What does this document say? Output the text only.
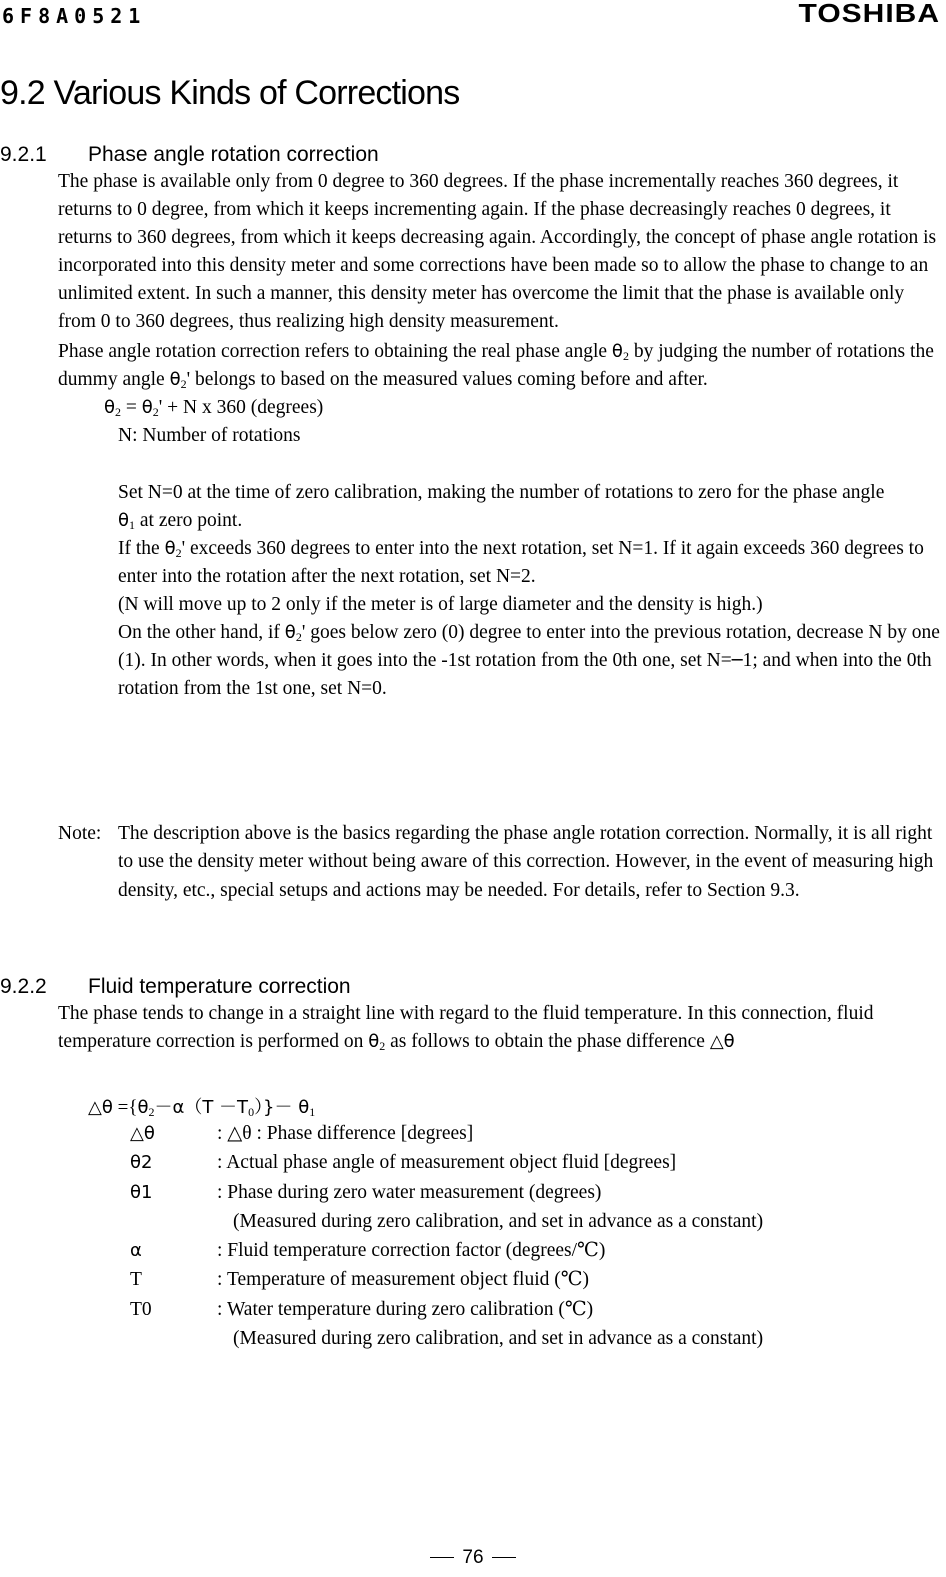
6F8A0521	TOSHIBA
9.2 Various Kinds of Corrections
9.2.1 Phase angle rotation correction

The phase is available only from 0 degree to 360 degrees. If the phase incrementally reaches 360 degrees, it returns to 0 degree, from which it keeps incrementing again. If the phase decreasingly reaches 0 degrees, it returns to 360 degrees, from which it keeps decreasing again. Accordingly, the concept of phase angle rotation is incorporated into this density meter and some corrections have been made so to allow the phase to change to an unlimited extent. In such a manner, this density meter has overcome the limit that the phase is available only from 0 to 360 degrees, thus realizing high density measurement.

Phase angle rotation correction refers to obtaining the real phase angle $\theta_2$ by judging the number of rotations the dummy angle $\theta_2'$ belongs to based on the measured values coming before and after.

$\theta_2 = \theta_2' + N$ x 360 (degrees)

N: Number of rotations

Set N=0 at the time of zero calibration, making the number of rotations to zero for the phase angle
$\theta_1$ at zero point.

If the $\theta_2'$ exceeds 360 degrees to enter into the next rotation, set N=1. If it again exceeds 360 degrees to enter into the rotation after the next rotation, set N=2.

(N will move up to 2 only if the meter is of large diameter and the density is high.)

On the other hand, if $\theta_2'$ goes below zero (0) degree to enter into the previous rotation, decrease N by one (1). In other words, when it goes into the -1st rotation from the 0th one, set N=─1; and when into the 0th rotation from the 1st one, set N=0.

Note: The description above is the basics regarding the phase angle rotation correction. Normally, it is all right to use the density meter without being aware of this correction. However, in the event of measuring high density, etc., special setups and actions may be needed. For details, refer to Section 9.3.
9.2.2 Fluid temperature correction

The phase tends to change in a straight line with regard to the fluid temperature. In this connection, fluid temperature correction is performed on $\theta_2$ as follows to obtain the phase difference △θ

△θ $=\{\theta_2-\alpha(T -T_0)\}- \theta_1$
△θ	: △θ : Phase difference [degrees]
θ2	: Actual phase angle of measurement object fluid [degrees]
θ1	: Phase during zero water measurement (degrees)
(Measured during zero calibration, and set in advance as a constant)
α	: Fluid temperature correction factor (degrees/℃)
T	: Temperature of measurement object fluid (℃)
T0	: Water temperature during zero calibration (℃)
(Measured during zero calibration, and set in advance as a constant)
76
